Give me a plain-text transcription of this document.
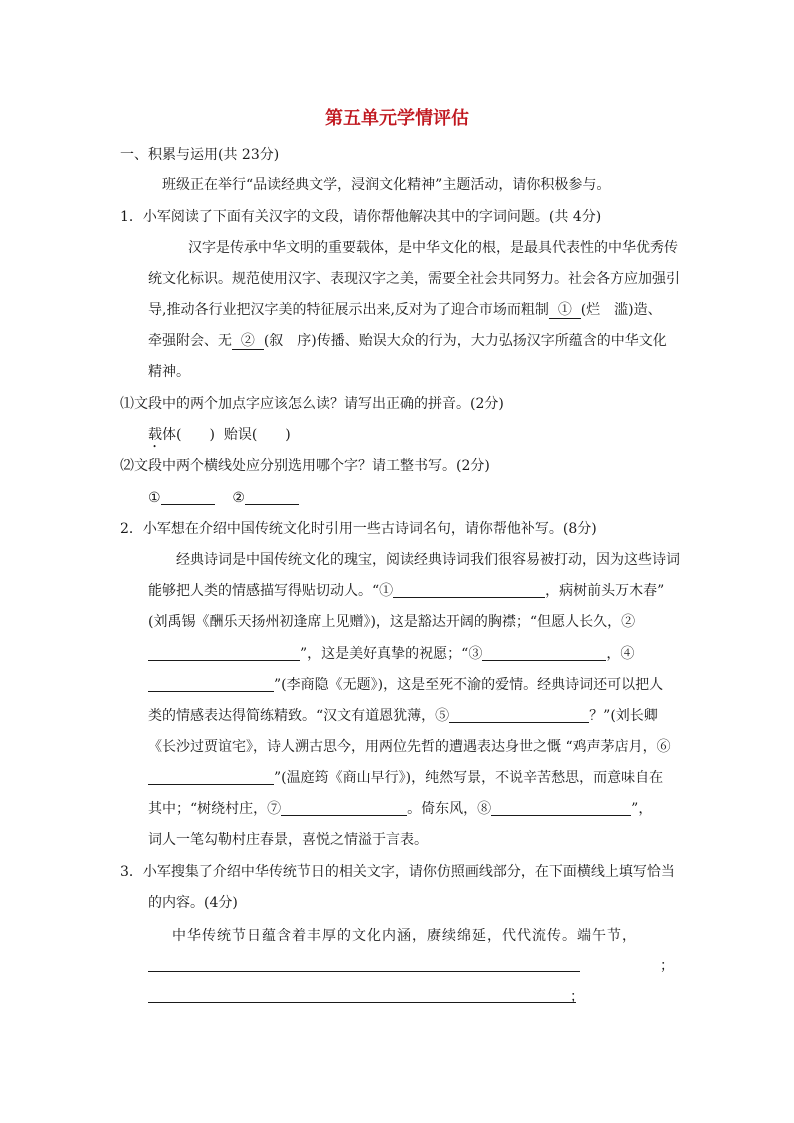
第五单元学情评估
一、积累与运用(共 23分)
班级正在举行“品读经典文学，浸润文化精神”主题活动，请你积极参与。
1．小军阅读了下面有关汉字的文段，请你帮他解决其中的字词问题。(共 4分)
汉字是传承中华文明的重要载体，是中华文化的根，是最具代表性的中华优秀传
统文化标识。规范使用汉字、表现汉字之美，需要全社会共同努力。社会各方应加强引
导,推动各行业把汉字美的特征展示出来,反对为了迎合市场而粗制 ① (烂　滥)造、
牵强附会、无 ② (叙　序)传播、贻误大众的行为，大力弘扬汉字所蕴含的中华文化
精神。
⑴文段中的两个加点字应该怎么读？请写出正确的拼音。(2分)
载体(　　) 贻误(　　)
⑵文段中两个横线处应分别选用哪个字？请工整书写。(2分)
①	②
2．小军想在介绍中国传统文化时引用一些古诗词名句，请你帮他补写。(8分)
经典诗词是中国传统文化的瑰宝，阅读经典诗词我们很容易被打动，因为这些诗词
能够把人类的情感描写得贴切动人。“①	，病树前头万木春”
(刘禹锡《酬乐天扬州初逢席上见赠》)，这是豁达开阔的胸襟；“但愿人长久，②
”，这是美好真挚的祝愿；“③	，④
”(李商隐《无题》)，这是至死不渝的爱情。经典诗词还可以把人
类的情感表达得简练精致。“汉文有道恩犹薄，⑤	？”(刘长卿
《长沙过贾谊宅》，诗人溯古思今，用两位先哲的遭遇表达身世之慨 “鸡声茅店月，⑥
”(温庭筠《商山早行》)，纯然写景，不说辛苦愁思，而意味自在
其中；“树绕村庄，⑦	。倚东风，⑧	”，
词人一笔勾勒村庄春景，喜悦之情溢于言表。
3．小军搜集了介绍中华传统节日的相关文字，请你仿照画线部分，在下面横线上填写恰当
的内容。(4分)
中华传统节日蕴含着丰厚的文化内涵，赓续绵延，代代流传。端午节，
；
；
